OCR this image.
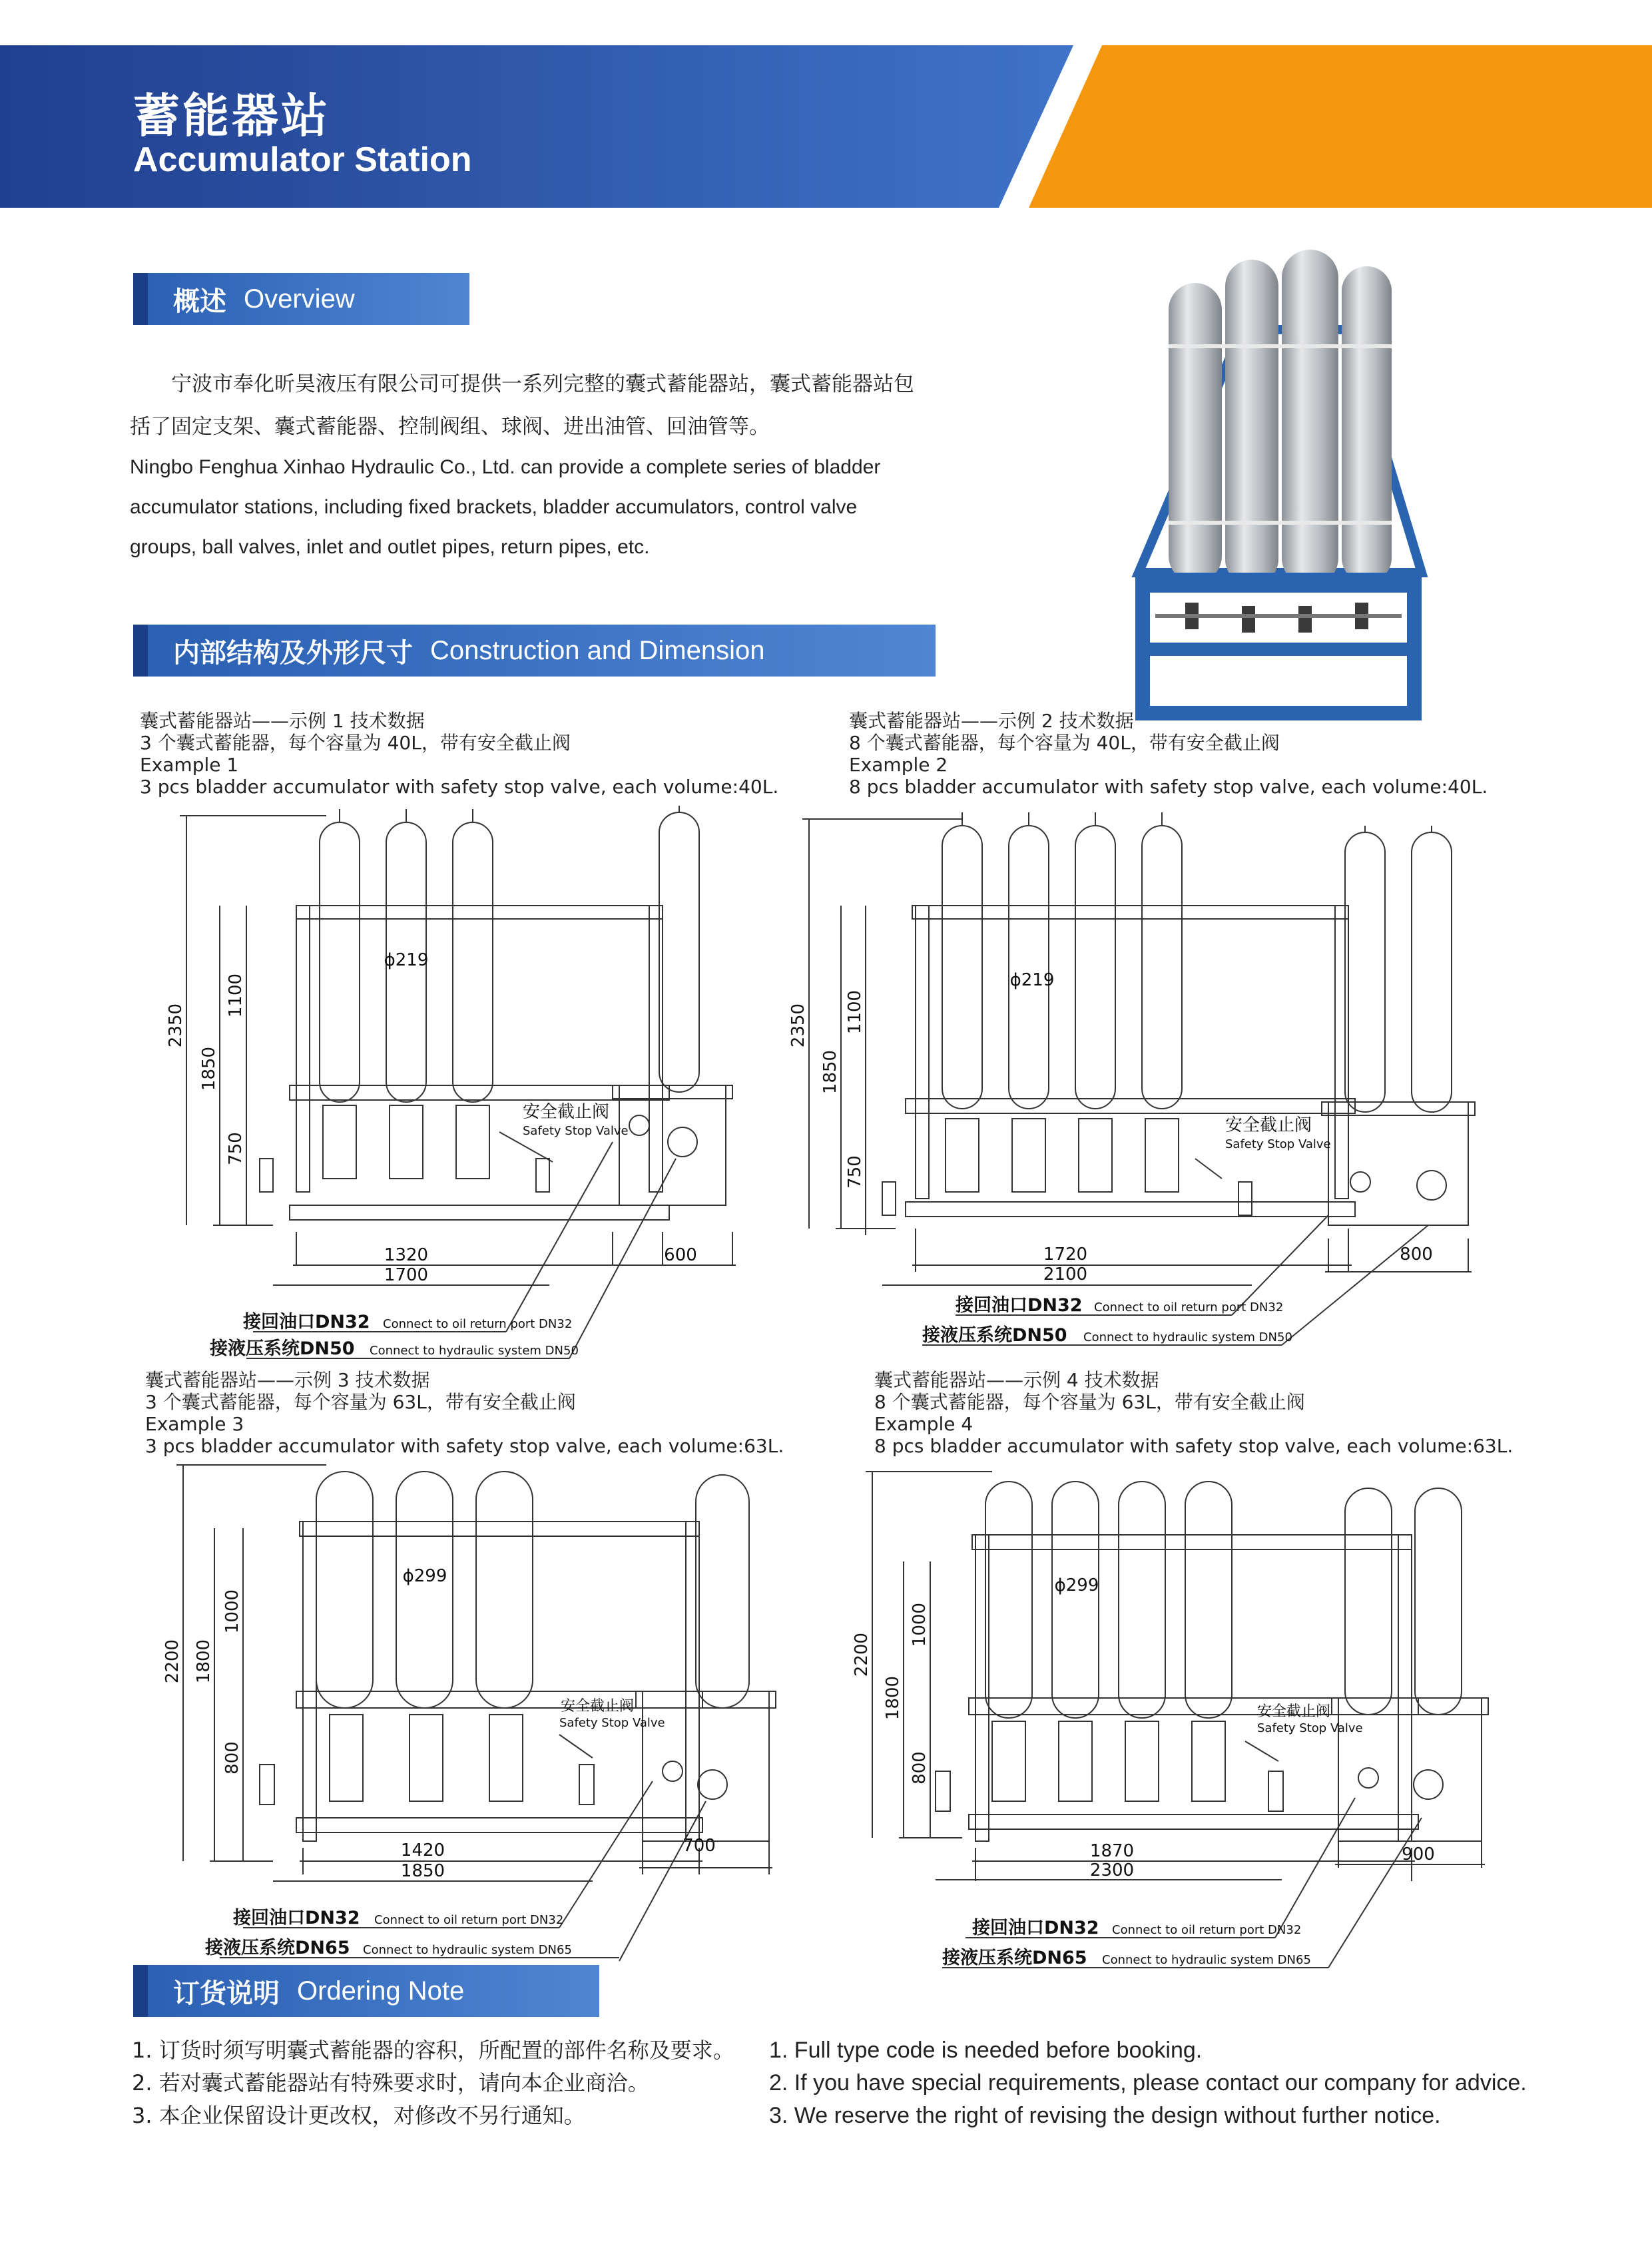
蓄能器站
Accumulator Station
概述 Overview
宁波市奉化昕昊液压有限公司可提供一系列完整的囊式蓄能器站，囊式蓄能器站包括了固定支架、囊式蓄能器、控制阀组、球阀、进出油管、回油管等。
Ningbo Fenghua Xinhao Hydraulic Co., Ltd. can provide a complete series of bladder accumulator stations, including fixed brackets, bladder accumulators, control valve groups, ball valves, inlet and outlet pipes, return pipes, etc.
内部结构及外形尺寸 Construction and Dimension
囊式蓄能器站——示例 1 技术数据
3 个囊式蓄能器，每个容量为 40L，带有安全截止阀
Example 1
3 pcs bladder accumulator with safety stop valve, each volume:40L.
囊式蓄能器站——示例 2 技术数据
8 个囊式蓄能器，每个容量为 40L，带有安全截止阀
Example 2
8 pcs bladder accumulator with safety stop valve, each volume:40L.
囊式蓄能器站——示例 3 技术数据
3 个囊式蓄能器，每个容量为 63L，带有安全截止阀
Example 3
3 pcs bladder accumulator with safety stop valve, each volume:63L.
囊式蓄能器站——示例 4 技术数据
8 个囊式蓄能器，每个容量为 63L，带有安全截止阀
Example 4
8 pcs bladder accumulator with safety stop valve, each volume:63L.
2350
1850
1100
750
ϕ219
1320
1700
600
安全截止阀
Safety Stop Valve
接回油口DN32 Connect to oil return port DN32
接液压系统DN50 Connect to hydraulic system DN50
2350
1850
1100
750
ϕ219
1720
2100
800
安全截止阀
Safety Stop Valve
接回油口DN32 Connect to oil return port DN32
接液压系统DN50 Connect to hydraulic system DN50
2200 1800
1000
800
ϕ299
1420
1850
700
安全截止阀
Safety Stop Valve
接回油口DN32 Connect to oil return port DN32
接液压系统DN65 Connect to hydraulic system DN65
2200
1800
1000
800
ϕ299
1870
2300
900
安全截止阀
Safety Stop Valve
接回油口DN32 Connect to oil return port DN32
接液压系统DN65 Connect to hydraulic system DN65
订货说明 Ordering Note
1. 订货时须写明囊式蓄能器的容积，所配置的部件名称及要求。
2. 若对囊式蓄能器站有特殊要求时，请向本企业商洽。
3. 本企业保留设计更改权，对修改不另行通知。
1. Full type code is needed before booking.
2. If you have special requirements, please contact our company for advice.
3. We reserve the right of revising the design without further notice.
